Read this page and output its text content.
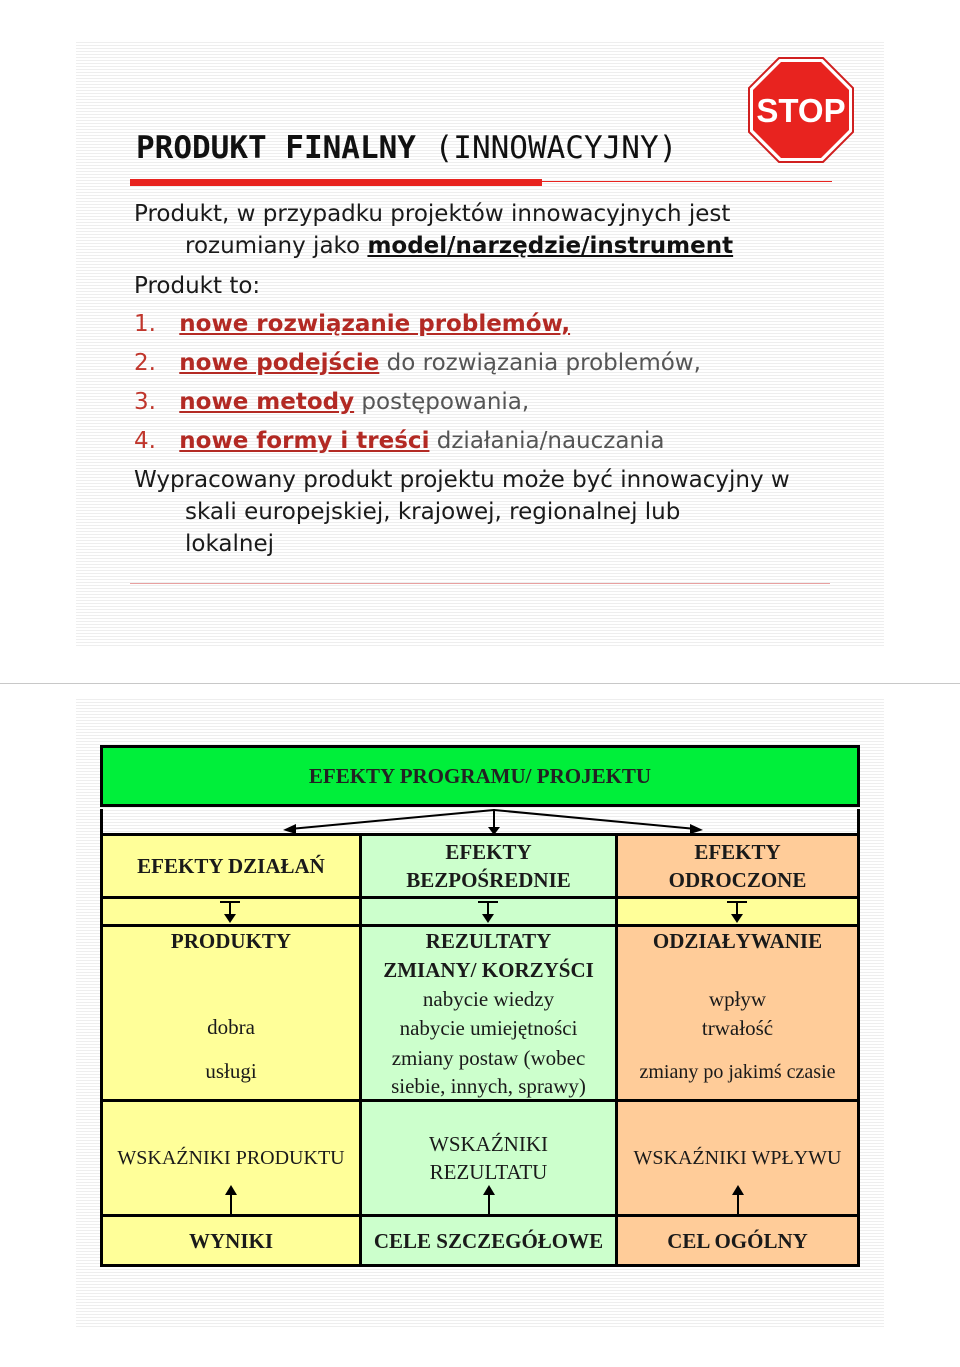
PRODUKT FINALNY (INNOWACYJNY)
STOP
Produkt, w przypadku projektów innowacyjnych jest
rozumiany jako model/narzędzie/instrument
Produkt to:
1. nowe rozwiązanie problemów,
2. nowe podejście do rozwiązania problemów,
3. nowe metody postępowania,
4. nowe formy i treści działania/nauczania
Wypracowany produkt projektu może być innowacyjny w
skali europejskiej, krajowej, regionalnej lub
lokalnej
EFEKTY PROGRAMU/ PROJEKTU
EFEKTY DZIAŁAŃ
EFEKTY
BEZPOŚREDNIE
EFEKTY
ODROCZONE
PRODUKTY
dobra
usługi
REZULTATY
ZMIANY/ KORZYŚCI
nabycie wiedzy
nabycie umiejętności
zmiany postaw (wobec
siebie, innych, sprawy)
ODZIAŁYWANIE
wpływ
trwałość
zmiany po jakimś czasie
WSKAŹNIKI PRODUKTU
WSKAŹNIKI
REZULTATU
WSKAŹNIKI WPŁYWU
WYNIKI	CELE SZCZEGÓŁOWE	CEL OGÓLNY
